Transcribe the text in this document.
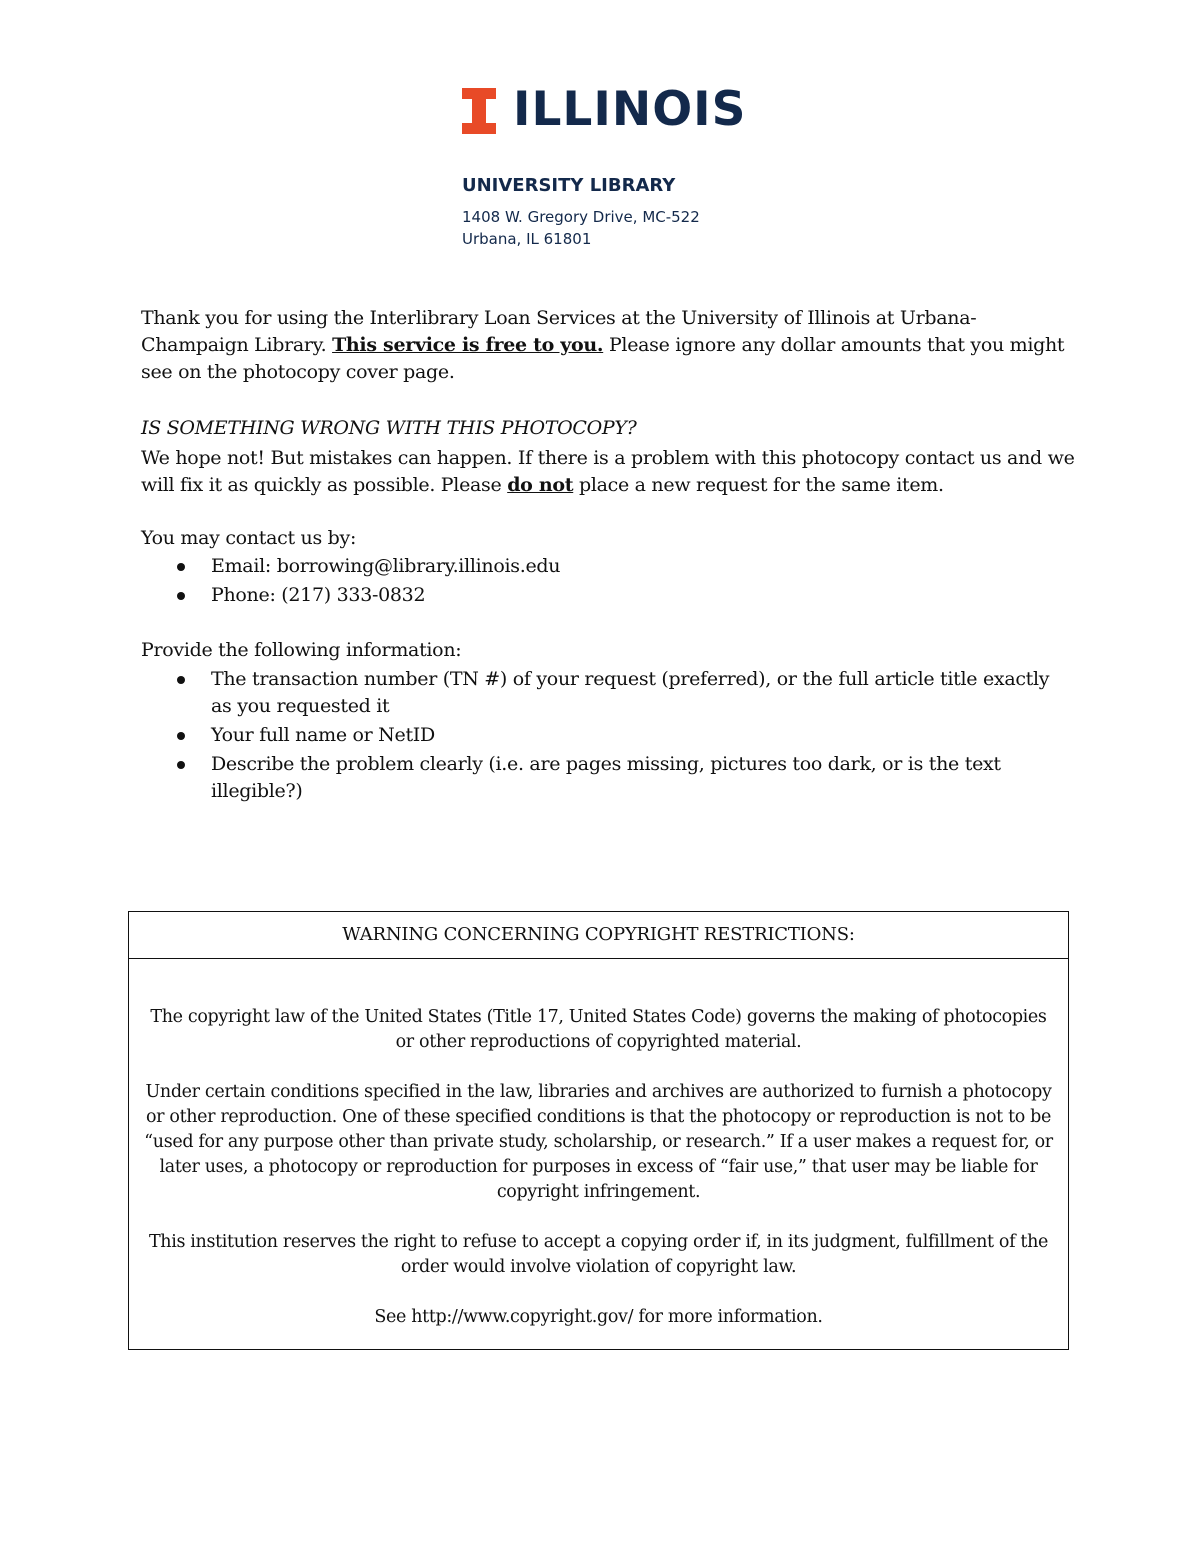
ILLINOIS
UNIVERSITY LIBRARY
1408 W. Gregory Drive, MC-522
Urbana, IL 61801

Thank you for using the Interlibrary Loan Services at the University of Illinois at Urbana-Champaign Library. This service is free to you. Please ignore any dollar amounts that you might see on the photocopy cover page.

IS SOMETHING WRONG WITH THIS PHOTOCOPY?

We hope not! But mistakes can happen. If there is a problem with this photocopy contact us and we will fix it as quickly as possible. Please do not place a new request for the same item.

You may contact us by:

Email: borrowing@library.illinois.edu
Phone: (217) 333-0832

Provide the following information:

The transaction number (TN #) of your request (preferred), or the full article title exactly as you requested it
Your full name or NetID
Describe the problem clearly (i.e. are pages missing, pictures too dark, or is the text illegible?)
WARNING CONCERNING COPYRIGHT RESTRICTIONS:

The copyright law of the United States (Title 17, United States Code) governs the making of photocopies or other reproductions of copyrighted material.

Under certain conditions specified in the law, libraries and archives are authorized to furnish a photocopy or other reproduction. One of these specified conditions is that the photocopy or reproduction is not to be “used for any purpose other than private study, scholarship, or research.” If a user makes a request for, or later uses, a photocopy or reproduction for purposes in excess of “fair use,” that user may be liable for copyright infringement.

This institution reserves the right to refuse to accept a copying order if, in its judgment, fulfillment of the order would involve violation of copyright law.

See http://www.copyright.gov/ for more information.
